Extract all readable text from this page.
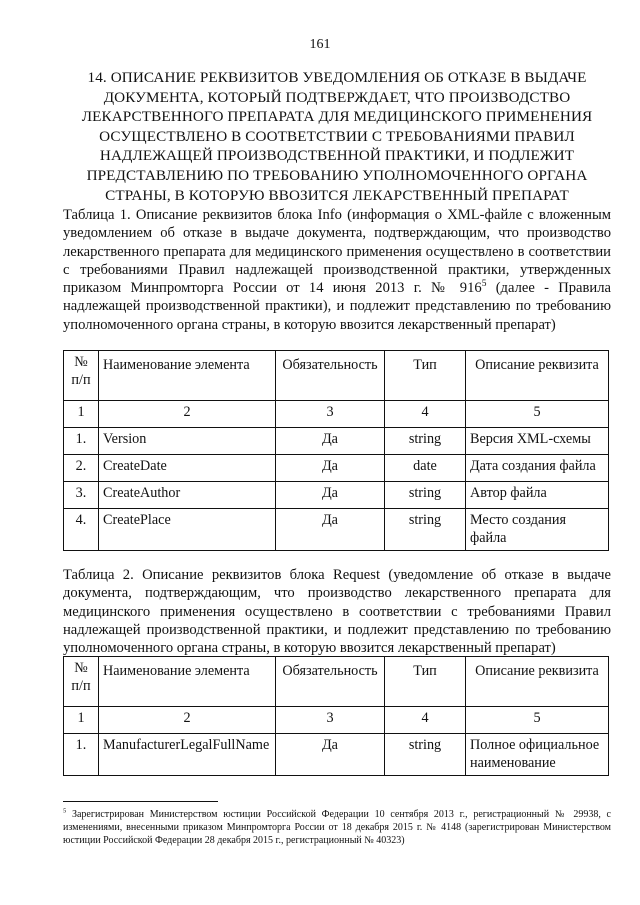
161
14. ОПИСАНИЕ РЕКВИЗИТОВ УВЕДОМЛЕНИЯ ОБ ОТКАЗЕ В ВЫДАЧЕ ДОКУМЕНТА, КОТОРЫЙ ПОДТВЕРЖДАЕТ, ЧТО ПРОИЗВОДСТВО ЛЕКАРСТВЕННОГО ПРЕПАРАТА ДЛЯ МЕДИЦИНСКОГО ПРИМЕНЕНИЯ ОСУЩЕСТВЛЕНО В СООТВЕТСТВИИ С ТРЕБОВАНИЯМИ ПРАВИЛ НАДЛЕЖАЩЕЙ ПРОИЗВОДСТВЕННОЙ ПРАКТИКИ, И ПОДЛЕЖИТ ПРЕДСТАВЛЕНИЮ ПО ТРЕБОВАНИЮ УПОЛНОМОЧЕННОГО ОРГАНА СТРАНЫ, В КОТОРУЮ ВВОЗИТСЯ ЛЕКАРСТВЕННЫЙ ПРЕПАРАТ

Таблица 1. Описание реквизитов блока Info (информация о XML-файле с вложенным уведомлением об отказе в выдаче документа, подтверждающим, что производство лекарственного препарата для медицинского применения осуществлено в соответствии с требованиями Правил надлежащей производственной практики, утвержденных приказом Минпромторга России от 14 июня 2013 г. № $916^5$ (далее - Правила надлежащей производственной практики), и подлежит представлению по требованию уполномоченного органа страны, в которую ввозится лекарственный препарат)

№ п/п	Наименование элемента	Обязательность	Тип	Описание реквизита
1	2	3	4	5
1.	Version	Да	string	Версия XML-схемы
2.	CreateDate	Да	date	Дата создания файла
3.	CreateAuthor	Да	string	Автор файла
4.	CreatePlace	Да	string	Место создания файла

Таблица 2. Описание реквизитов блока Request (уведомление об отказе в выдаче документа, подтверждающим, что производство лекарственного препарата для медицинского применения осуществлено в соответствии с требованиями Правил надлежащей производственной практики, и подлежит представлению по требованию уполномоченного органа страны, в которую ввозится лекарственный препарат)

№ п/п	Наименование элемента	Обязательность	Тип	Описание реквизита
1	2	3	4	5
1.	ManufacturerLegalFullName	Да	string	Полное официальное наименование
$^5$ Зарегистрирован Министерством юстиции Российской Федерации 10 сентября 2013 г., регистрационный № 29938, с изменениями, внесенными приказом Минпромторга России от 18 декабря 2015 г. № 4148 (зарегистрирован Министерством юстиции Российской Федерации 28 декабря 2015 г., регистрационный № 40323)
